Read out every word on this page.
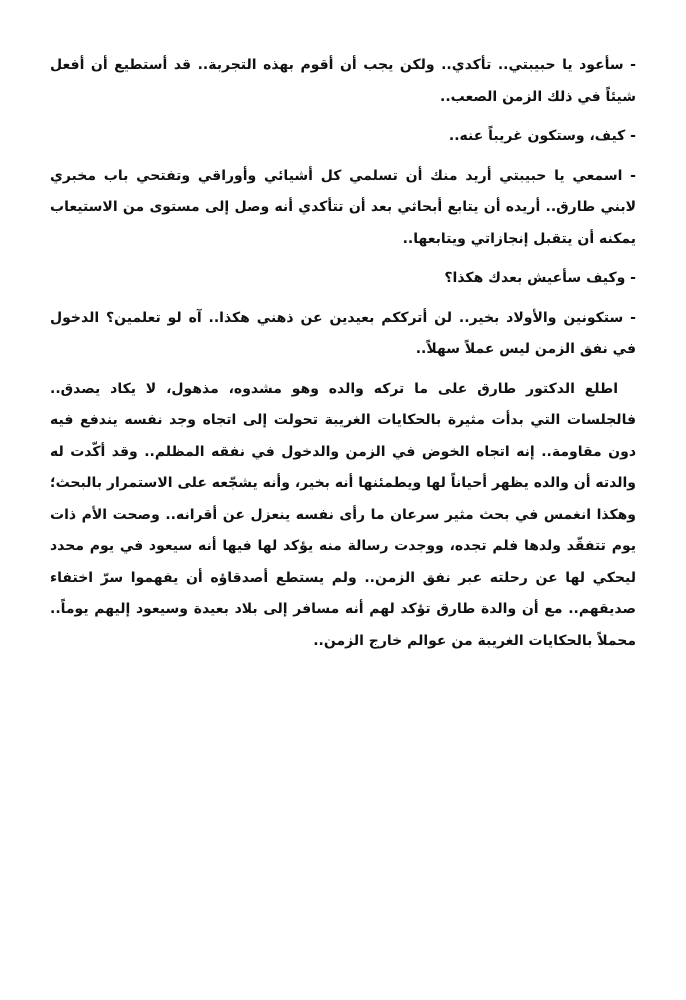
- سأعود يا حبيبتي.. تأكدي.. ولكن يجب أن أقوم بهذه التجربة.. قد أستطيع أن أفعل شيئاً في ذلك الزمن الصعب..

- كيف، وستكون غريباً عنه..

- اسمعي يا حبيبتي أريد منك أن تسلمي كل أشيائي وأوراقي وتفتحي باب مخبري لابني طارق.. أريده أن يتابع أبحاثي بعد أن تتأكدي أنه وصل إلى مستوى من الاستيعاب يمكنه أن يتقبل إنجازاتي ويتابعها..

- وكيف سأعيش بعدك هكذا؟

- ستكونين والأولاد بخير.. لن أترككم بعيدين عن ذهني هكذا.. آه لو تعلمين؟ الدخول في نفق الزمن ليس عملاً سهلاً..

اطلع الدكتور طارق على ما تركه والده وهو مشدوه، مذهول، لا يكاد يصدق.. فالجلسات التي بدأت مثيرة بالحكايات الغريبة تحولت إلى اتجاه وجد نفسه يندفع فيه دون مقاومة.. إنه اتجاه الخوض في الزمن والدخول في نفقه المظلم.. وقد أكّدت له والدته أن والده يظهر أحياناً لها ويطمئنها أنه بخير، وأنه يشجّعه على الاستمرار بالبحث؛ وهكذا انغمس في بحث مثير سرعان ما رأى نفسه ينعزل عن أقرانه.. وصحت الأم ذات يوم تتفقّد ولدها فلم تجده، ووجدت رسالة منه يؤكد لها فيها أنه سيعود في يوم محدد ليحكي لها عن رحلته عبر نفق الزمن.. ولم يستطع أصدقاؤه أن يفهموا سرّ اختفاء صديقهم.. مع أن والدة طارق تؤكد لهم أنه مسافر إلى بلاد بعيدة وسيعود إليهم يوماً.. محملاً بالحكايات الغريبة من عوالم خارج الزمن..
